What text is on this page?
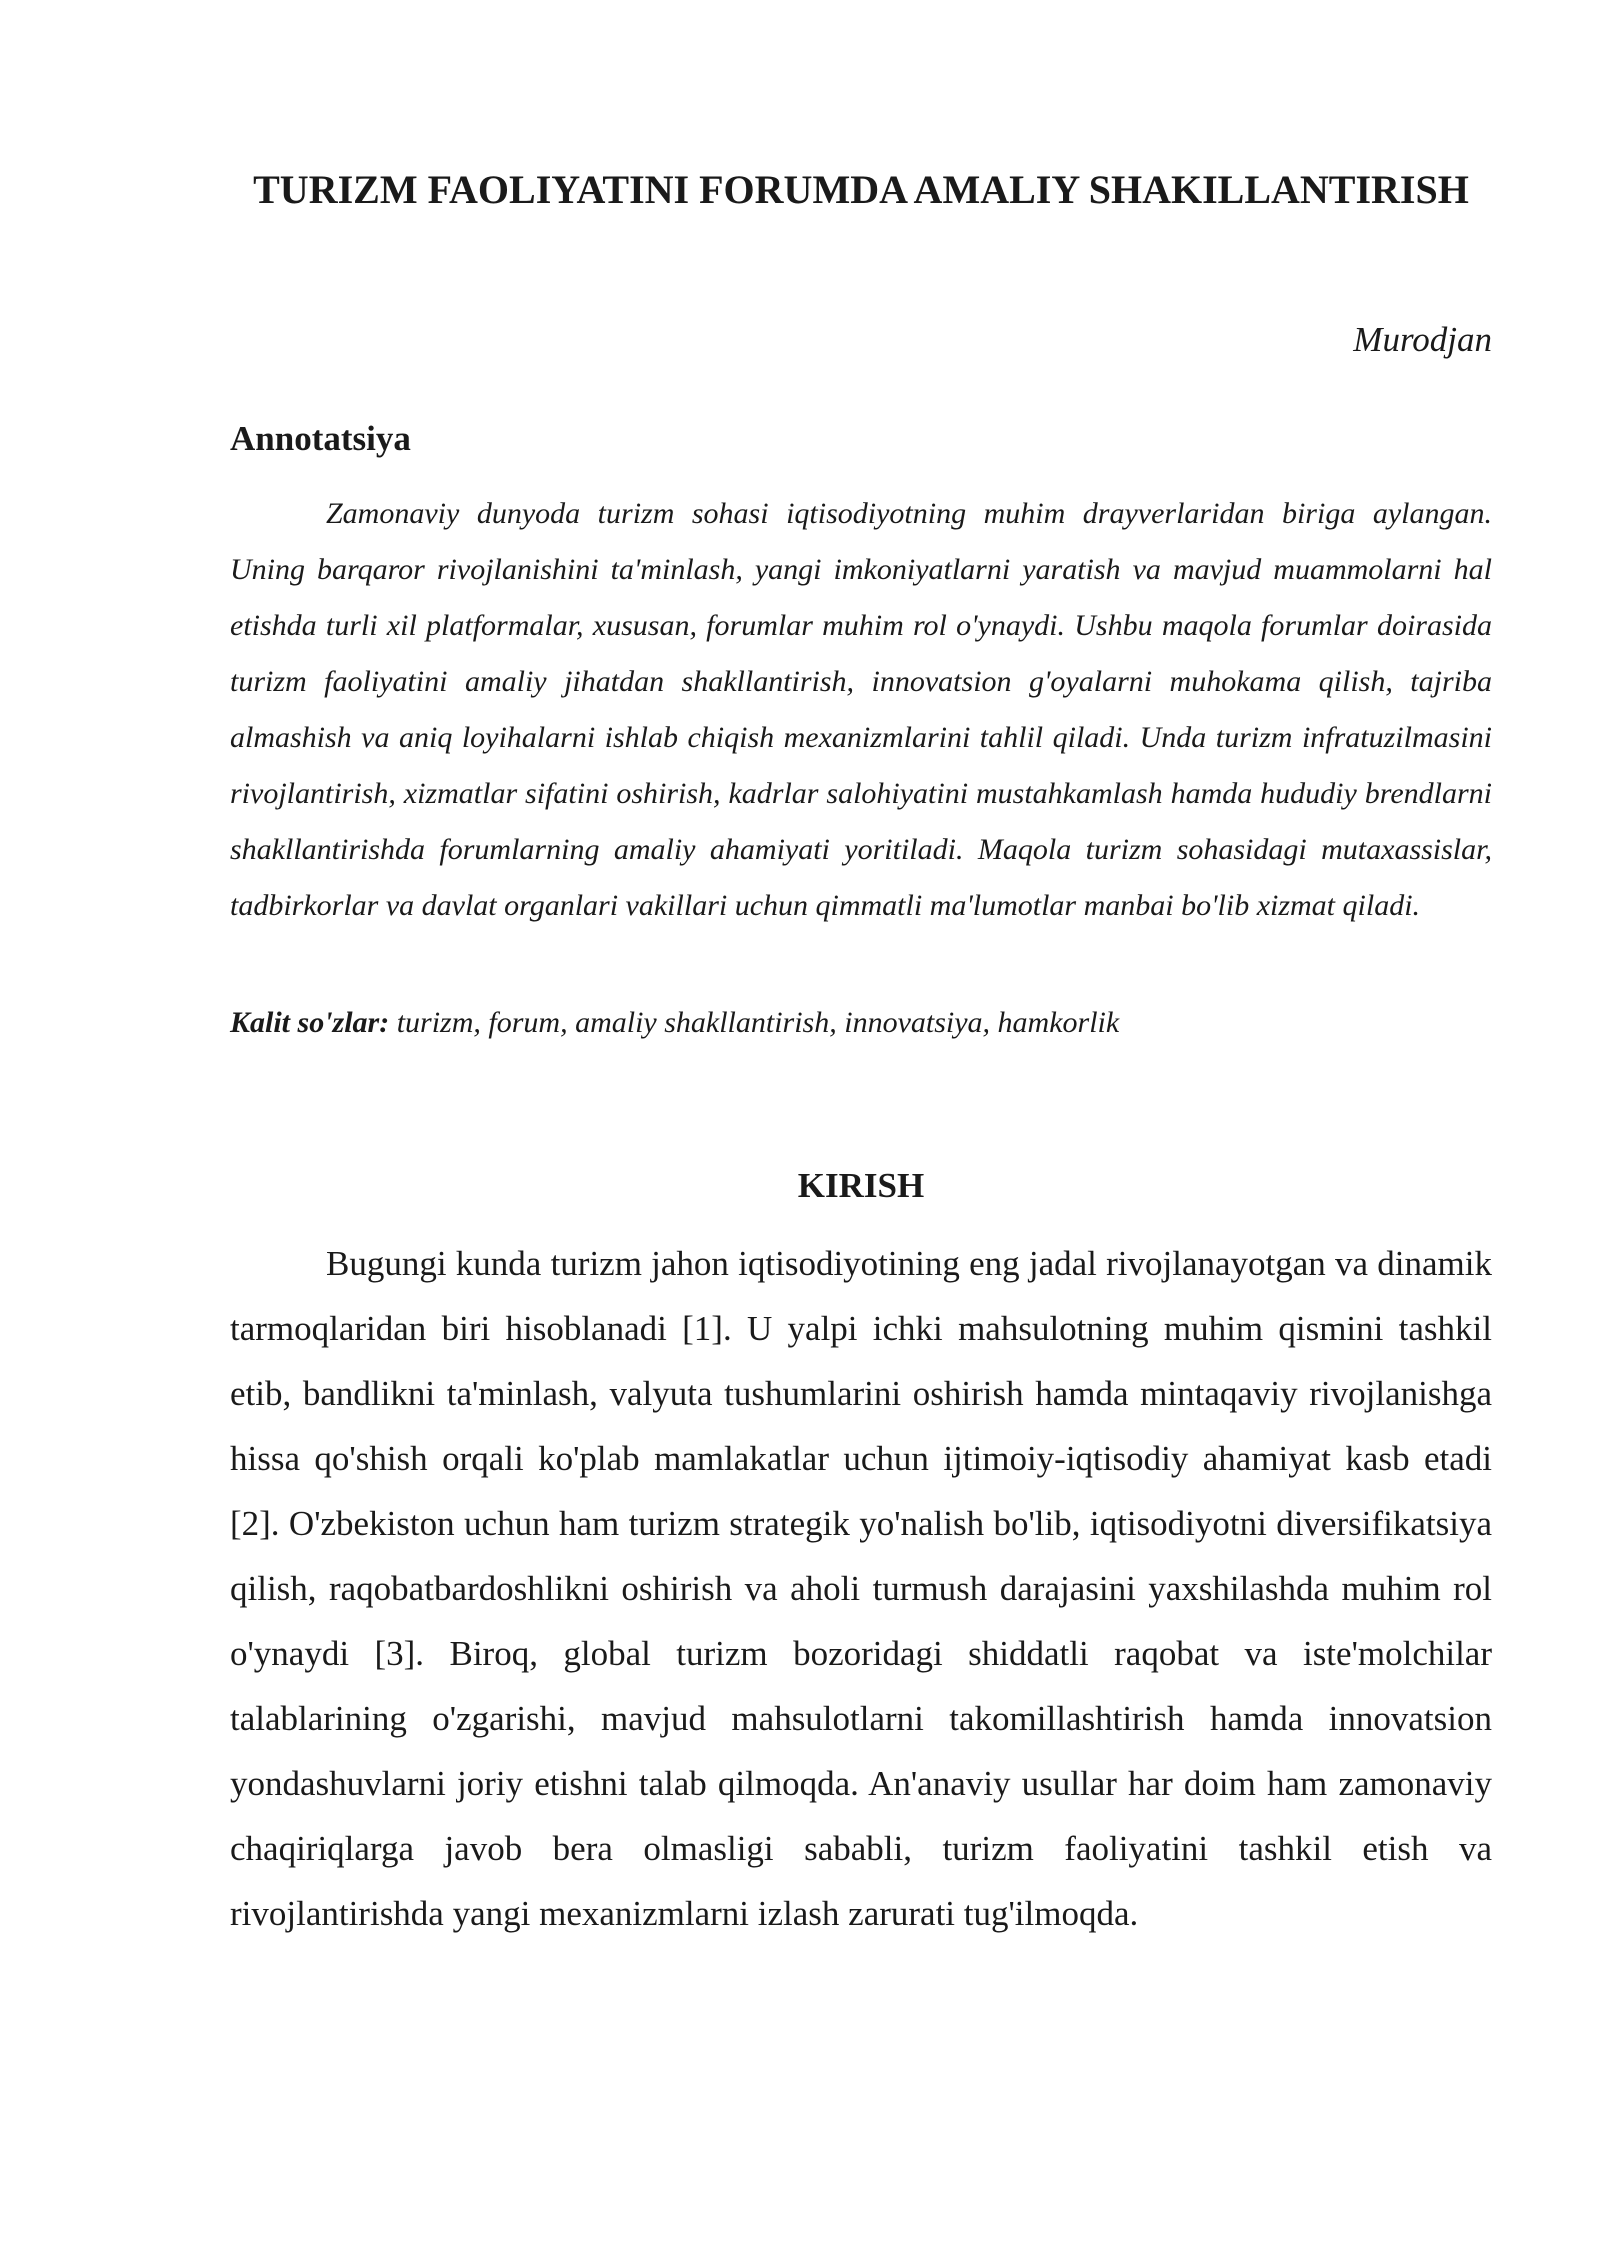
TURIZM FAOLIYATINI FORUMDA AMALIY SHAKILLANTIRISH

Murodjan

Annotatsiya

Zamonaviy dunyoda turizm sohasi iqtisodiyotning muhim drayverlaridan biriga aylangan. Uning barqaror rivojlanishini ta'minlash, yangi imkoniyatlarni yaratish va mavjud muammolarni hal etishda turli xil platformalar, xususan, forumlar muhim rol o'ynaydi. Ushbu maqola forumlar doirasida turizm faoliyatini amaliy jihatdan shakllantirish, innovatsion g'oyalarni muhokama qilish, tajriba almashish va aniq loyihalarni ishlab chiqish mexanizmlarini tahlil qiladi. Unda turizm infratuzilmasini rivojlantirish, xizmatlar sifatini oshirish, kadrlar salohiyatini mustahkamlash hamda hududiy brendlarni shakllantirishda forumlarning amaliy ahamiyati yoritiladi. Maqola turizm sohasidagi mutaxassislar, tadbirkorlar va davlat organlari vakillari uchun qimmatli ma'lumotlar manbai bo'lib xizmat qiladi.

Kalit so'zlar: turizm, forum, amaliy shakllantirish, innovatsiya, hamkorlik

KIRISH

Bugungi kunda turizm jahon iqtisodiyotining eng jadal rivojlanayotgan va dinamik tarmoqlaridan biri hisoblanadi [1]. U yalpi ichki mahsulotning muhim qismini tashkil etib, bandlikni ta'minlash, valyuta tushumlarini oshirish hamda mintaqaviy rivojlanishga hissa qo'shish orqali ko'plab mamlakatlar uchun ijtimoiy-iqtisodiy ahamiyat kasb etadi [2]. O'zbekiston uchun ham turizm strategik yo'nalish bo'lib, iqtisodiyotni diversifikatsiya qilish, raqobatbardoshlikni oshirish va aholi turmush darajasini yaxshilashda muhim rol o'ynaydi [3]. Biroq, global turizm bozoridagi shiddatli raqobat va iste'molchilar talablarining o'zgarishi, mavjud mahsulotlarni takomillashtirish hamda innovatsion yondashuvlarni joriy etishni talab qilmoqda. An'anaviy usullar har doim ham zamonaviy chaqiriqlarga javob bera olmasligi sababli, turizm faoliyatini tashkil etish va rivojlantirishda yangi mexanizmlarni izlash zarurati tug'ilmoqda.
